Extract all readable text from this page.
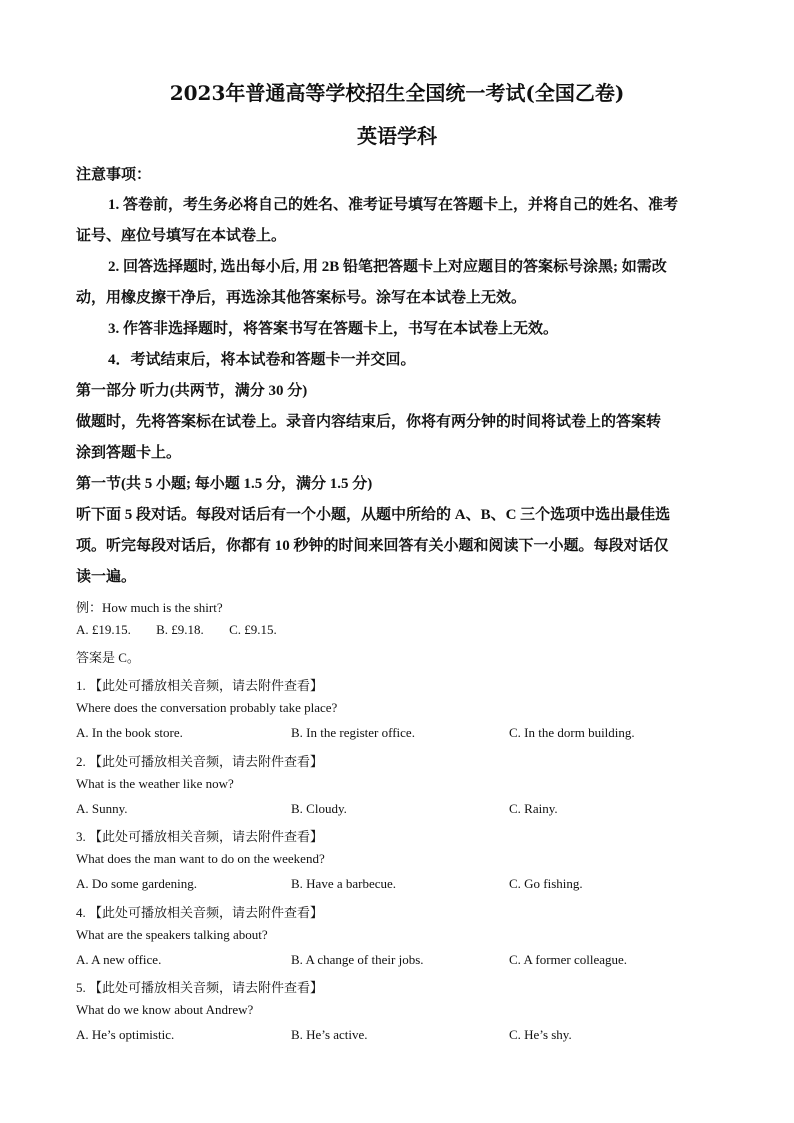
2023年普通高等学校招生全国统一考试(全国乙卷)
英语学科
注意事项：
1. 答卷前，考生务必将自己的姓名、准考证号填写在答题卡上，并将自己的姓名、准考
证号、座位号填写在本试卷上。
2. 回答选择题时, 选出每小后, 用 2B 铅笔把答题卡上对应题目的答案标号涂黑; 如需改
动，用橡皮擦干净后，再选涂其他答案标号。涂写在本试卷上无效。
3. 作答非选择题时，将答案书写在答题卡上，书写在本试卷上无效。
4．考试结束后，将本试卷和答题卡一并交回。
第一部分 听力(共两节，满分 30 分)
做题时，先将答案标在试卷上。录音内容结束后，你将有两分钟的时间将试卷上的答案转
涂到答题卡上。
第一节(共 5 小题; 每小题 1.5 分，满分 1.5 分)
听下面 5 段对话。每段对话后有一个小题，从题中所给的 A、B、C 三个选项中选出最佳选
项。听完每段对话后，你都有 10 秒钟的时间来回答有关小题和阅读下一小题。每段对话仅
读一遍。
例：How much is the shirt?
A. £19.15. B. £9.18. C. £9.15.
答案是 C。
1. 【此处可播放相关音频，请去附件查看】
Where does the conversation probably take place?
A. In the book store.	B. In the register office.	C. In the dorm building.
2. 【此处可播放相关音频，请去附件查看】
What is the weather like now?
A. Sunny.	B. Cloudy.	C. Rainy.
3. 【此处可播放相关音频，请去附件查看】
What does the man want to do on the weekend?
A. Do some gardening.	B. Have a barbecue.	C. Go fishing.
4. 【此处可播放相关音频，请去附件查看】
What are the speakers talking about?
A. A new office.	B. A change of their jobs.	C. A former colleague.
5. 【此处可播放相关音频，请去附件查看】
What do we know about Andrew?
A. He’s optimistic.	B. He’s active.	C. He’s shy.
